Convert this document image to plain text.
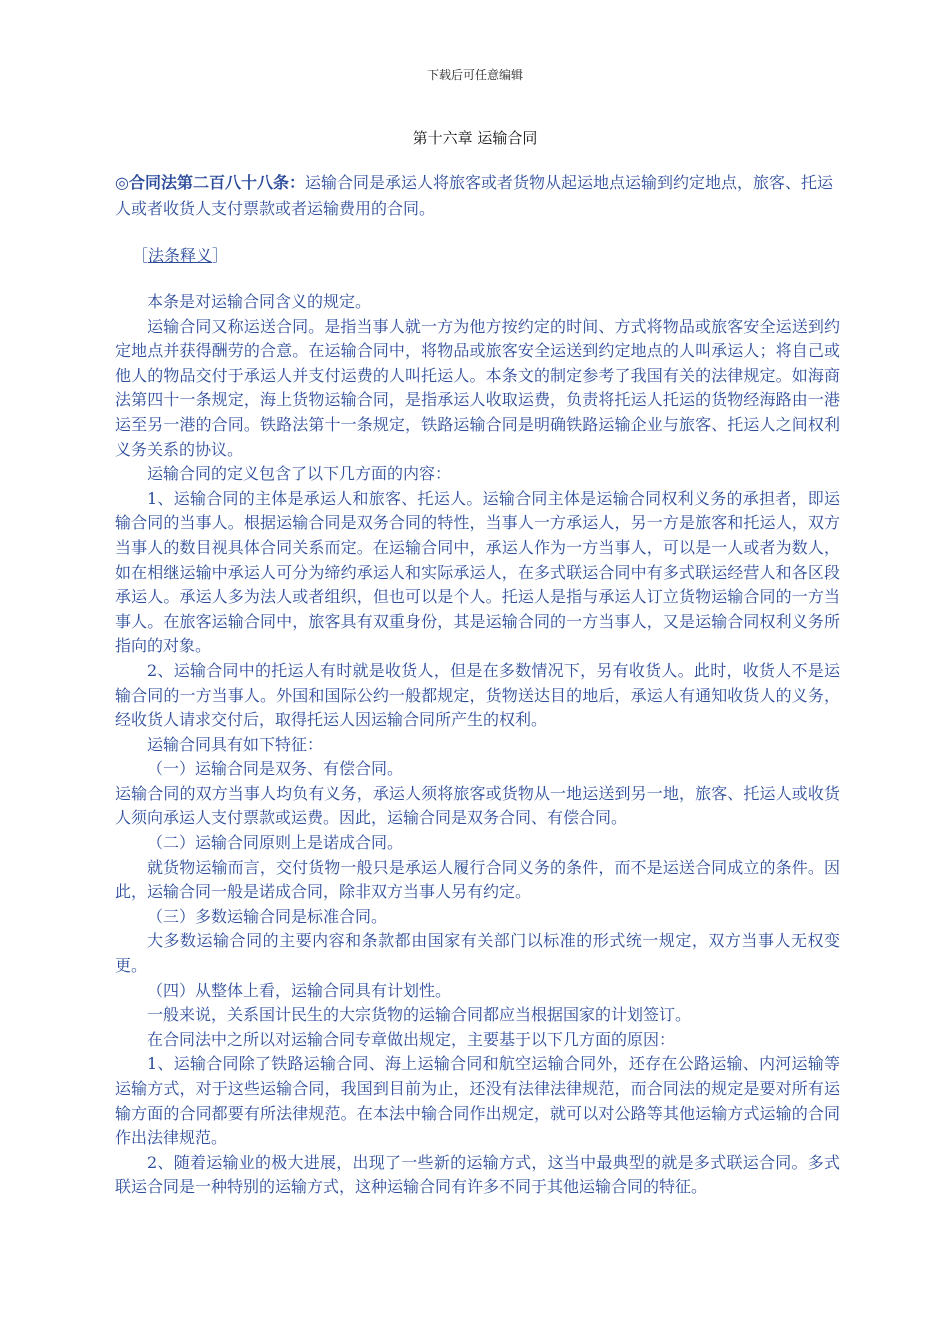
下载后可任意编辑
第十六章 运输合同

◎合同法第二百八十八条：运输合同是承运人将旅客或者货物从起运地点运输到约定地点，旅客、托运人或者收货人支付票款或者运输费用的合同。

［法条释义］

本条是对运输合同含义的规定。

运输合同又称运送合同。是指当事人就一方为他方按约定的时间、方式将物品或旅客安全运送到约定地点并获得酬劳的合意。在运输合同中，将物品或旅客安全运送到约定地点的人叫承运人；将自己或他人的物品交付于承运人并支付运费的人叫托运人。本条文的制定参考了我国有关的法律规定。如海商法第四十一条规定，海上货物运输合同，是指承运人收取运费，负责将托运人托运的货物经海路由一港运至另一港的合同。铁路法第十一条规定，铁路运输合同是明确铁路运输企业与旅客、托运人之间权利义务关系的协议。

运输合同的定义包含了以下几方面的内容：

1、运输合同的主体是承运人和旅客、托运人。运输合同主体是运输合同权利义务的承担者，即运输合同的当事人。根据运输合同是双务合同的特性，当事人一方承运人，另一方是旅客和托运人，双方当事人的数目视具体合同关系而定。在运输合同中，承运人作为一方当事人，可以是一人或者为数人，如在相继运输中承运人可分为缔约承运人和实际承运人，在多式联运合同中有多式联运经营人和各区段承运人。承运人多为法人或者组织，但也可以是个人。托运人是指与承运人订立货物运输合同的一方当事人。在旅客运输合同中，旅客具有双重身份，其是运输合同的一方当事人，又是运输合同权利义务所指向的对象。

2、运输合同中的托运人有时就是收货人，但是在多数情况下，另有收货人。此时，收货人不是运输合同的一方当事人。外国和国际公约一般都规定，货物送达目的地后，承运人有通知收货人的义务，经收货人请求交付后，取得托运人因运输合同所产生的权利。

运输合同具有如下特征：

（一）运输合同是双务、有偿合同。

运输合同的双方当事人均负有义务，承运人须将旅客或货物从一地运送到另一地，旅客、托运人或收货人须向承运人支付票款或运费。因此，运输合同是双务合同、有偿合同。

（二）运输合同原则上是诺成合同。

就货物运输而言，交付货物一般只是承运人履行合同义务的条件，而不是运送合同成立的条件。因此，运输合同一般是诺成合同，除非双方当事人另有约定。

（三）多数运输合同是标准合同。

大多数运输合同的主要内容和条款都由国家有关部门以标准的形式统一规定，双方当事人无权变更。

（四）从整体上看，运输合同具有计划性。

一般来说，关系国计民生的大宗货物的运输合同都应当根据国家的计划签订。

在合同法中之所以对运输合同专章做出规定，主要基于以下几方面的原因：

1、运输合同除了铁路运输合同、海上运输合同和航空运输合同外，还存在公路运输、内河运输等运输方式，对于这些运输合同，我国到目前为止，还没有法律法律规范，而合同法的规定是要对所有运输方面的合同都要有所法律规范。在本法中输合同作出规定，就可以对公路等其他运输方式运输的合同作出法律规范。

2、随着运输业的极大进展，出现了一些新的运输方式，这当中最典型的就是多式联运合同。多式联运合同是一种特别的运输方式，这种运输合同有许多不同于其他运输合同的特征。
